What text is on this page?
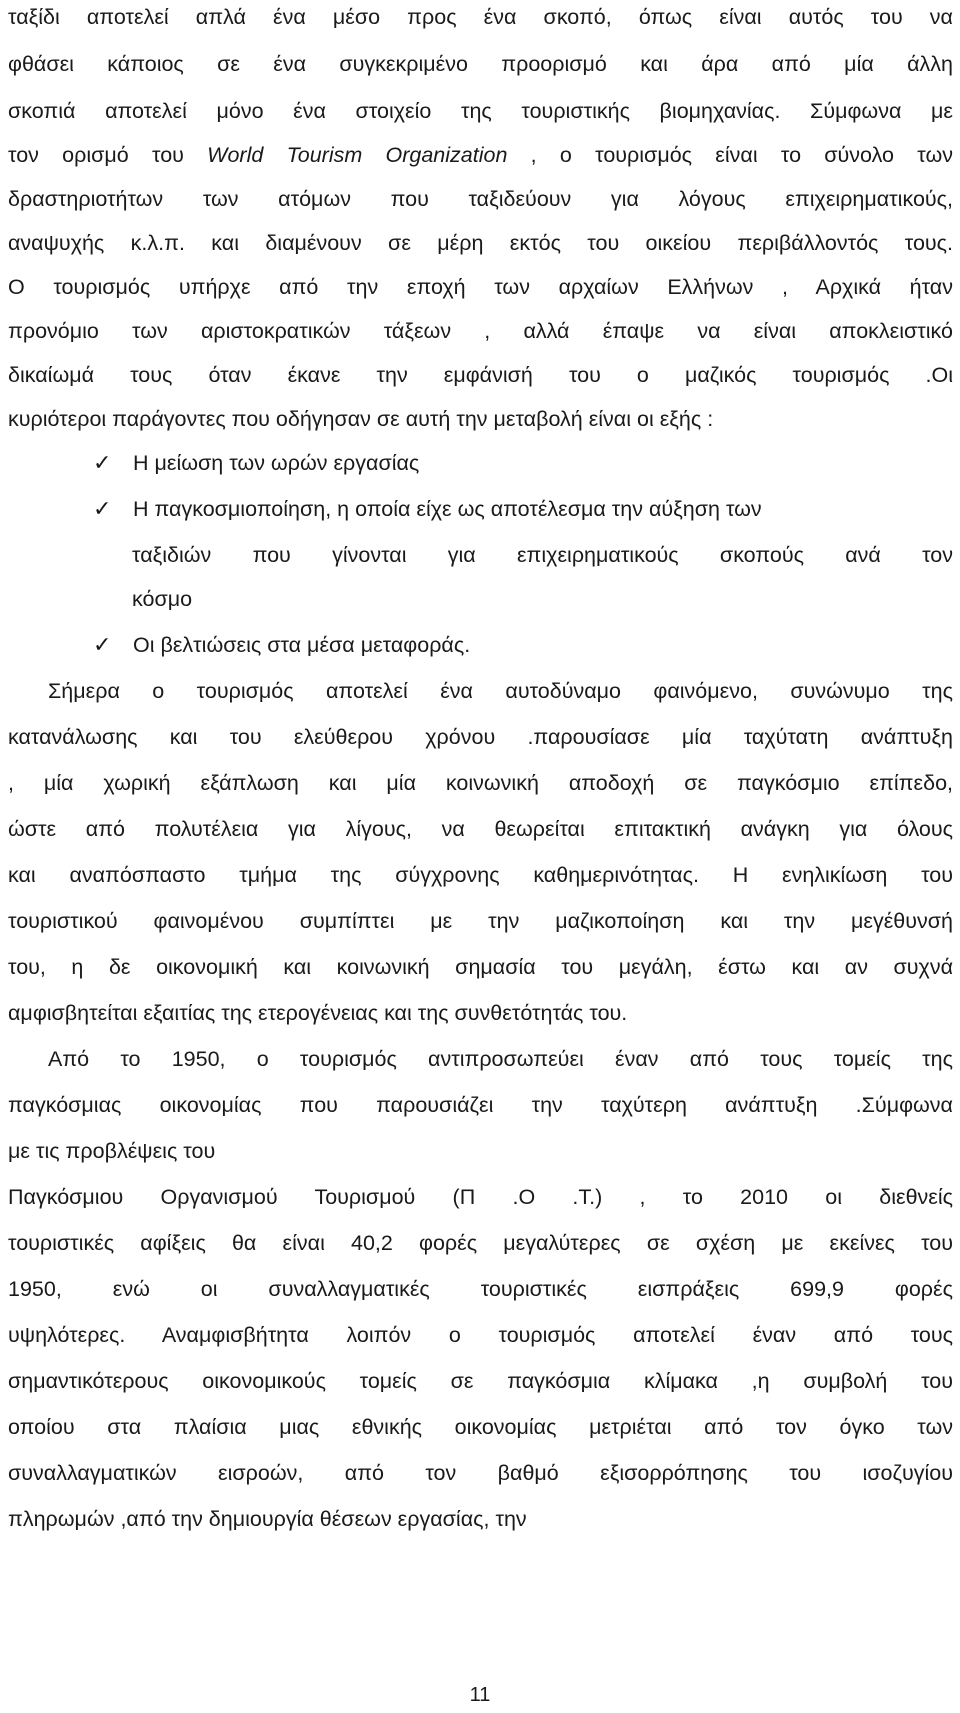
ταξίδι αποτελεί απλά ένα μέσο προς ένα σκοπό, όπως είναι αυτός του να
φθάσει κάποιος σε ένα συγκεκριμένο προορισμό και άρα από μία άλλη
σκοπιά αποτελεί μόνο ένα στοιχείο της τουριστικής βιομηχανίας. Σύμφωνα με
τον ορισμό του World Tourism Organization , ο τουρισμός είναι το σύνολο των
δραστηριοτήτων των ατόμων που ταξιδεύουν για λόγους επιχειρηματικούς,
αναψυχής κ.λ.π. και διαμένουν σε μέρη εκτός του οικείου περιβάλλοντός τους.
Ο τουρισμός υπήρχε από την εποχή των αρχαίων Ελλήνων , Αρχικά ήταν
προνόμιο των αριστοκρατικών τάξεων , αλλά έπαψε να είναι αποκλειστικό
δικαίωμά τους όταν έκανε την εμφάνισή του ο μαζικός τουρισμός .Οι
κυριότεροι παράγοντες που οδήγησαν σε αυτή την μεταβολή είναι οι εξής :
✓ Η μείωση των ωρών εργασίας
✓ Η παγκοσμιοποίηση, η οποία είχε ως αποτέλεσμα την αύξηση των
ταξιδιών που γίνονται για επιχειρηματικούς σκοπούς ανά τον
κόσμο
✓ Οι βελτιώσεις στα μέσα μεταφοράς.
Σήμερα ο τουρισμός αποτελεί ένα αυτοδύναμο φαινόμενο, συνώνυμο της
κατανάλωσης και του ελεύθερου χρόνου .παρουσίασε μία ταχύτατη ανάπτυξη
, μία χωρική εξάπλωση και μία κοινωνική αποδοχή σε παγκόσμιο επίπεδο,
ώστε από πολυτέλεια για λίγους, να θεωρείται επιτακτική ανάγκη για όλους
και αναπόσπαστο τμήμα της σύγχρονης καθημερινότητας. Η ενηλικίωση του
τουριστικού φαινομένου συμπίπτει με την μαζικοποίηση και την μεγέθυνσή
του, η δε οικονομική και κοινωνική σημασία του μεγάλη, έστω και αν συχνά
αμφισβητείται εξαιτίας της ετερογένειας και της συνθετότητάς του.
Από το 1950, ο τουρισμός αντιπροσωπεύει έναν από τους τομείς της
παγκόσμιας οικονομίας που παρουσιάζει την ταχύτερη ανάπτυξη .Σύμφωνα
με τις προβλέψεις του
Παγκόσμιου Οργανισμού Τουρισμού (Π .Ο .Τ.) , το 2010 οι διεθνείς
τουριστικές αφίξεις θα είναι 40,2 φορές μεγαλύτερες σε σχέση με εκείνες του
1950, ενώ οι συναλλαγματικές τουριστικές εισπράξεις 699,9 φορές
υψηλότερες. Αναμφισβήτητα λοιπόν ο τουρισμός αποτελεί έναν από τους
σημαντικότερους οικονομικούς τομείς σε παγκόσμια κλίμακα ,η συμβολή του
οποίου στα πλαίσια μιας εθνικής οικονομίας μετριέται από τον όγκο των
συναλλαγματικών εισροών, από τον βαθμό εξισορρόπησης του ισοζυγίου
πληρωμών ,από την δημιουργία θέσεων εργασίας, την
11
